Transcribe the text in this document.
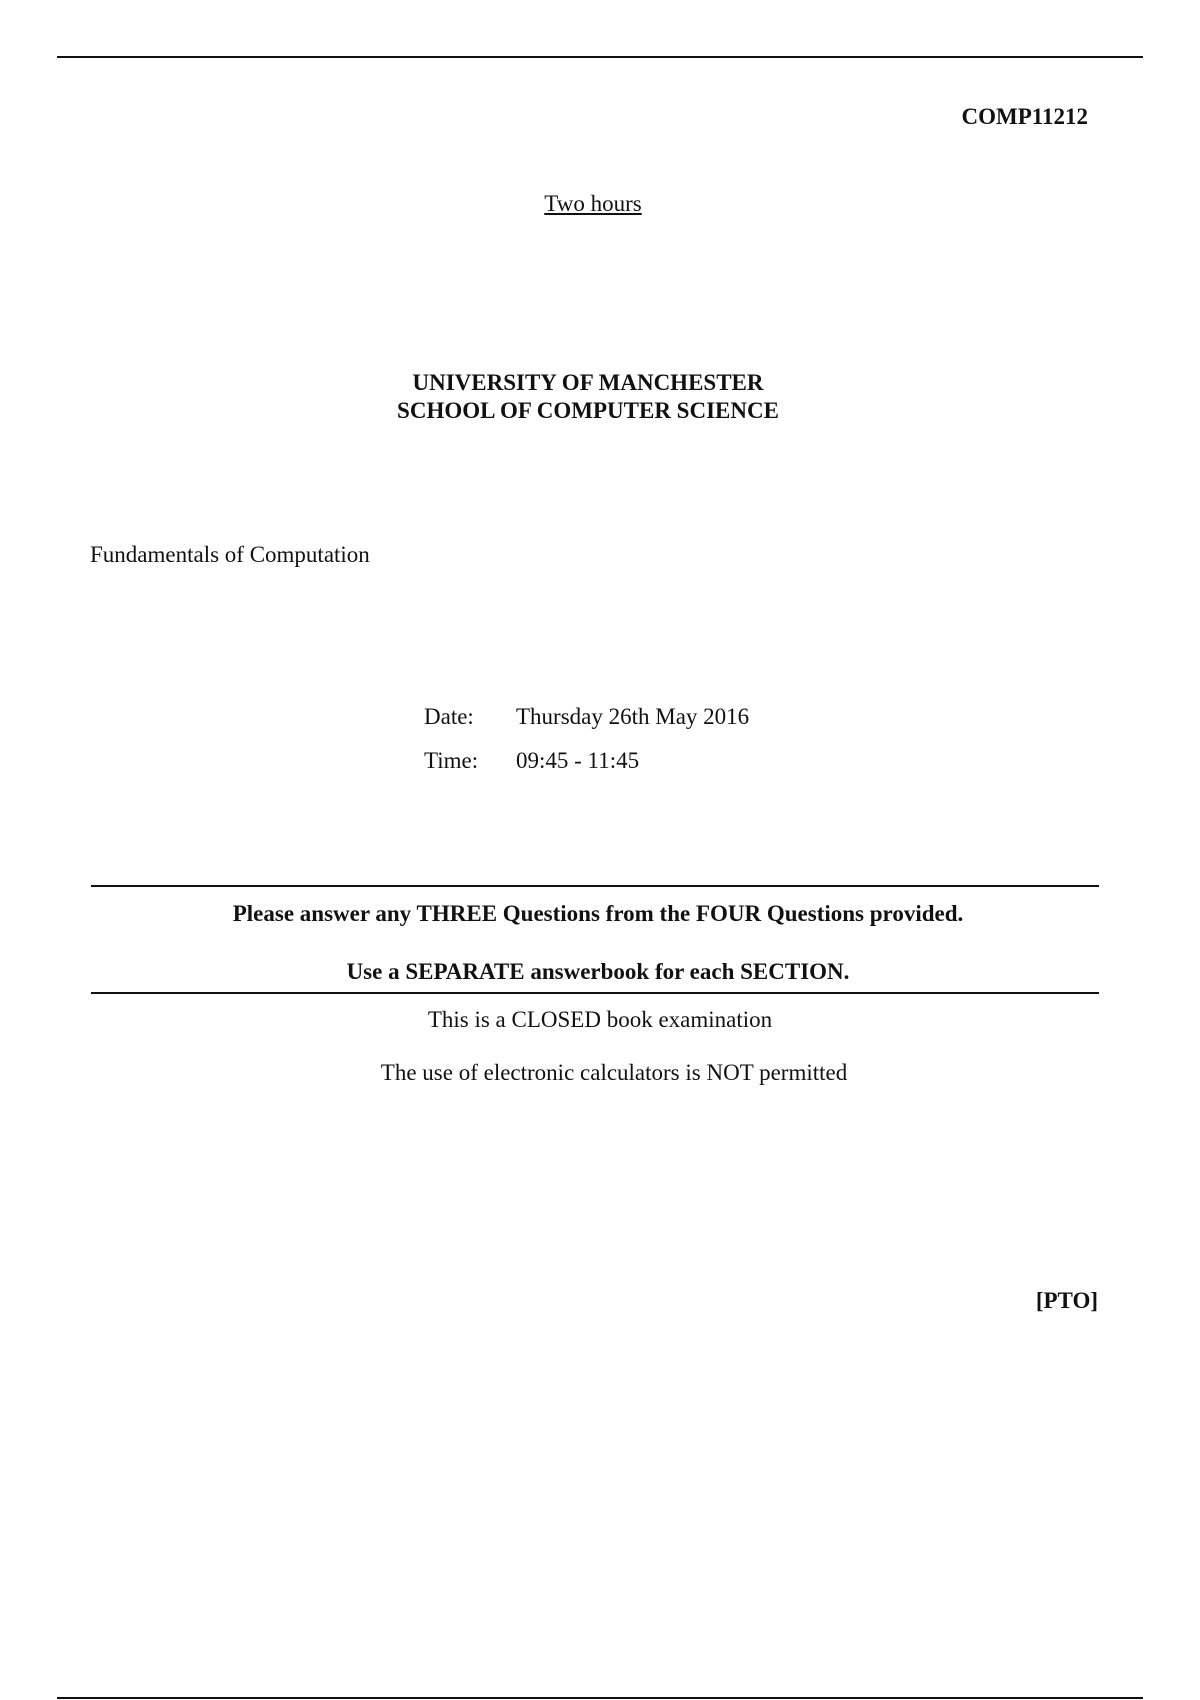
COMP11212
Two hours
UNIVERSITY OF MANCHESTER
SCHOOL OF COMPUTER SCIENCE
Fundamentals of Computation
Date: Thursday 26th May 2016
Time: 09:45 - 11:45
Please answer any THREE Questions from the FOUR Questions provided.
Use a SEPARATE answerbook for each SECTION.
This is a CLOSED book examination
The use of electronic calculators is NOT permitted
[PTO]
